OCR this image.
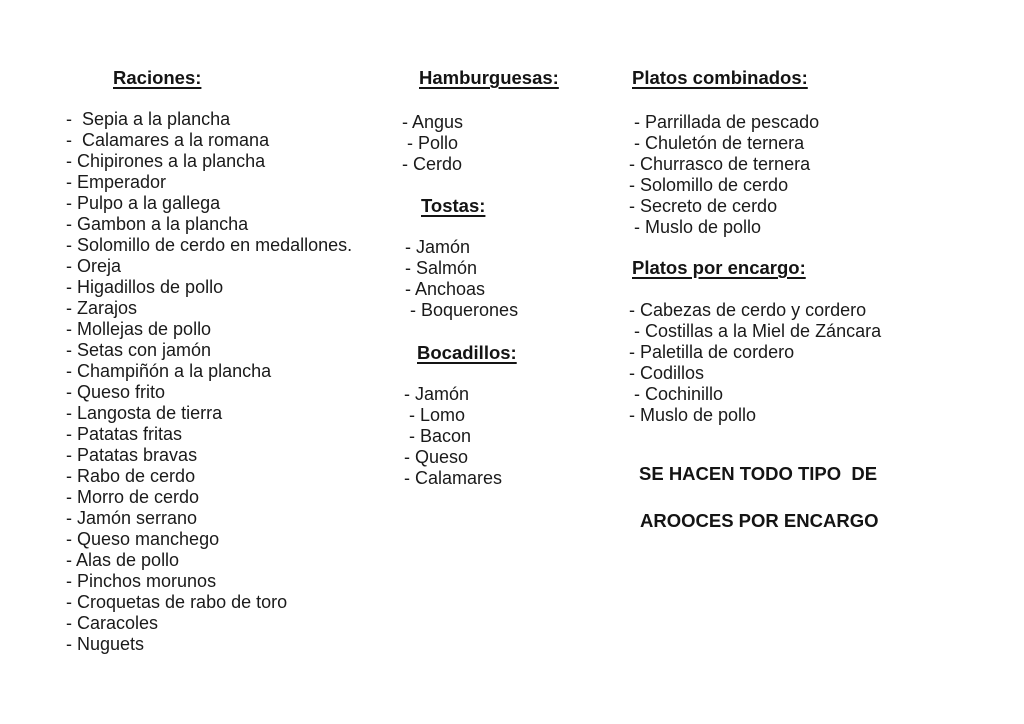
Raciones:
-  Sepia a la plancha
-  Calamares a la romana
- Chipirones a la plancha
- Emperador
- Pulpo a la gallega
- Gambon a la plancha
- Solomillo de cerdo en medallones.
- Oreja
- Higadillos de pollo
- Zarajos
- Mollejas de pollo
- Setas con jamón
- Champiñón a la plancha
- Queso frito
- Langosta de tierra
- Patatas fritas
- Patatas bravas
- Rabo de cerdo
- Morro de cerdo
- Jamón serrano
- Queso manchego
- Alas de pollo
- Pinchos morunos
- Croquetas de rabo de toro
- Caracoles
- Nuguets
Hamburguesas:
- Angus
- Pollo
- Cerdo
Tostas:
- Jamón
- Salmón
- Anchoas
- Boquerones
Bocadillos:
- Jamón
- Lomo
- Bacon
- Queso
- Calamares
Platos combinados:
- Parrillada de pescado
- Chuletón de ternera
- Churrasco de ternera
- Solomillo de cerdo
- Secreto de cerdo
- Muslo de pollo
Platos por encargo:
- Cabezas de cerdo y cordero
- Costillas a la Miel de Záncara
- Paletilla de cordero
- Codillos
- Cochinillo
- Muslo de pollo

SE HACEN TODO TIPO  DE

AROOCES POR ENCARGO
